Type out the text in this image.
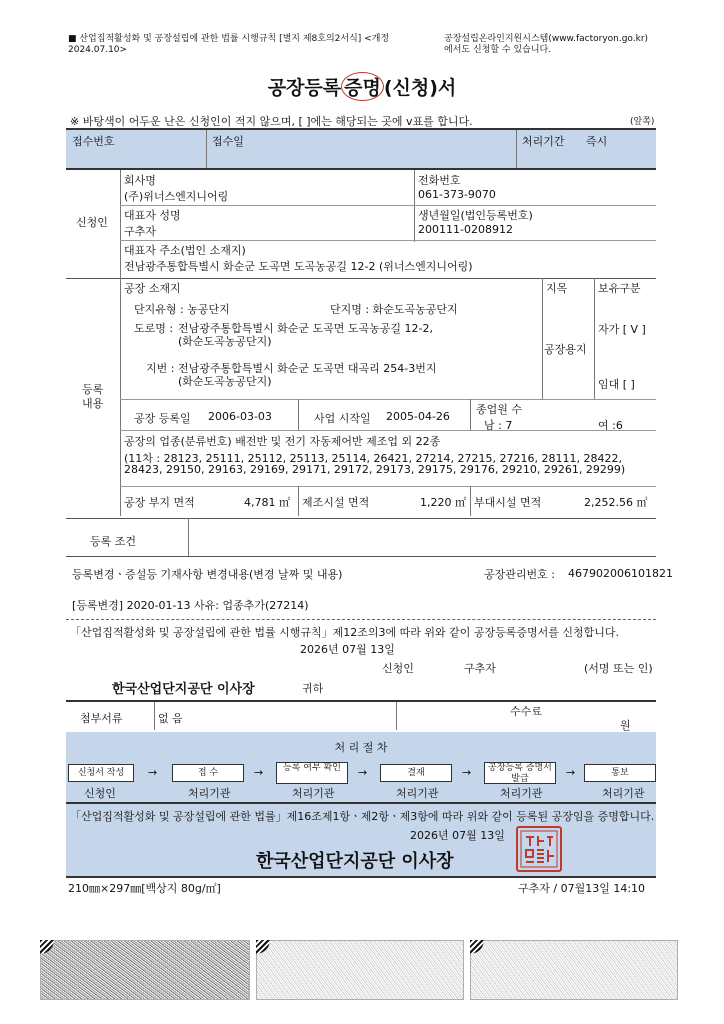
■ 산업집적활성화 및 공장설립에 관한 법률 시행규칙 [별지 제8호의2서식] <개정
2024.07.10>
공장설립온라인지원시스템(www.factoryon.go.kr)
에서도 신청할 수 있습니다.
공장등록 증명 (신청)서
※ 바탕색이 어두운 난은 신청인이 적지 않으며, [ ]에는 해당되는 곳에 v표를 합니다.	(앞쪽)
접수번호	접수일	처리기간 즉시
신청인
회사명
(주)위너스엔지니어링
전화번호
061-373-9070
대표자 성명
구추자
생년월일(법인등록번호)
200111-0208912
대표자 주소(법인 소재지)
전남광주통합특별시 화순군 도곡면 도곡농공길 12-2 (위너스엔지니어링)
등록
내용
공장 소재지
단지유형 : 농공단지	단지명 : 화순도곡농공단지
도로명 : 전남광주통합특별시 화순군 도곡면 도곡농공길 12-2,
(화순도곡농공단지)
지번 : 전남광주통합특별시 화순군 도곡면 대곡리 254-3번지
(화순도곡농공단지)
지목
공장용지
보유구분
자가 [ V ]
임대 [ ]
공장 등록일 2006-03-03	사업 시작일 2005-04-26
종업원 수
남 : 7	여 :6
공장의 업종(분류번호) 배전반 및 전기 자동제어반 제조업 외 22종
(11차 : 28123, 25111, 25112, 25113, 25114, 26421, 27214, 27215, 27216, 28111, 28422,
28423, 29150, 29163, 29169, 29171, 29172, 29173, 29175, 29176, 29210, 29261, 29299)
공장 부지 면적	4,781 ㎡ 제조시설 면적	1,220 ㎡ 부대시설 면적	2,252.56 ㎡
등록 조건
등록변경ㆍ증설등 기재사항 변경내용(변경 날짜 및 내용)	공장관리번호 : 467902006101821
[등록변경] 2020-01-13 사유: 업종추가(27214)
「산업집적활성화 및 공장설립에 관한 법률 시행규칙」제12조의3에 따라 위와 같이 공장등록증명서를 신청합니다.
2026년 07월 13일
신청인	구추자	(서명 또는 인)
한국산업단지공단 이사장	귀하
첨부서류	없 음
수수료
원
처 리 절 차
신청서 작성	접 수	등록 여부 확인	결재	공장등록 증명서발급
통보
→	→	→	→	→
신청인	처리기관	처리기관	처리기관	처리기관	처리기관
「산업집적활성화 및 공장설립에 관한 법률」제16조제1항ㆍ제2항ㆍ제3항에 따라 위와 같이 등록된 공장임을 증명합니다.
2026년 07월 13일
한국산업단지공단 이사장
210㎜×297㎜[백상지 80g/㎡]	구추자 / 07월13일 14:10
